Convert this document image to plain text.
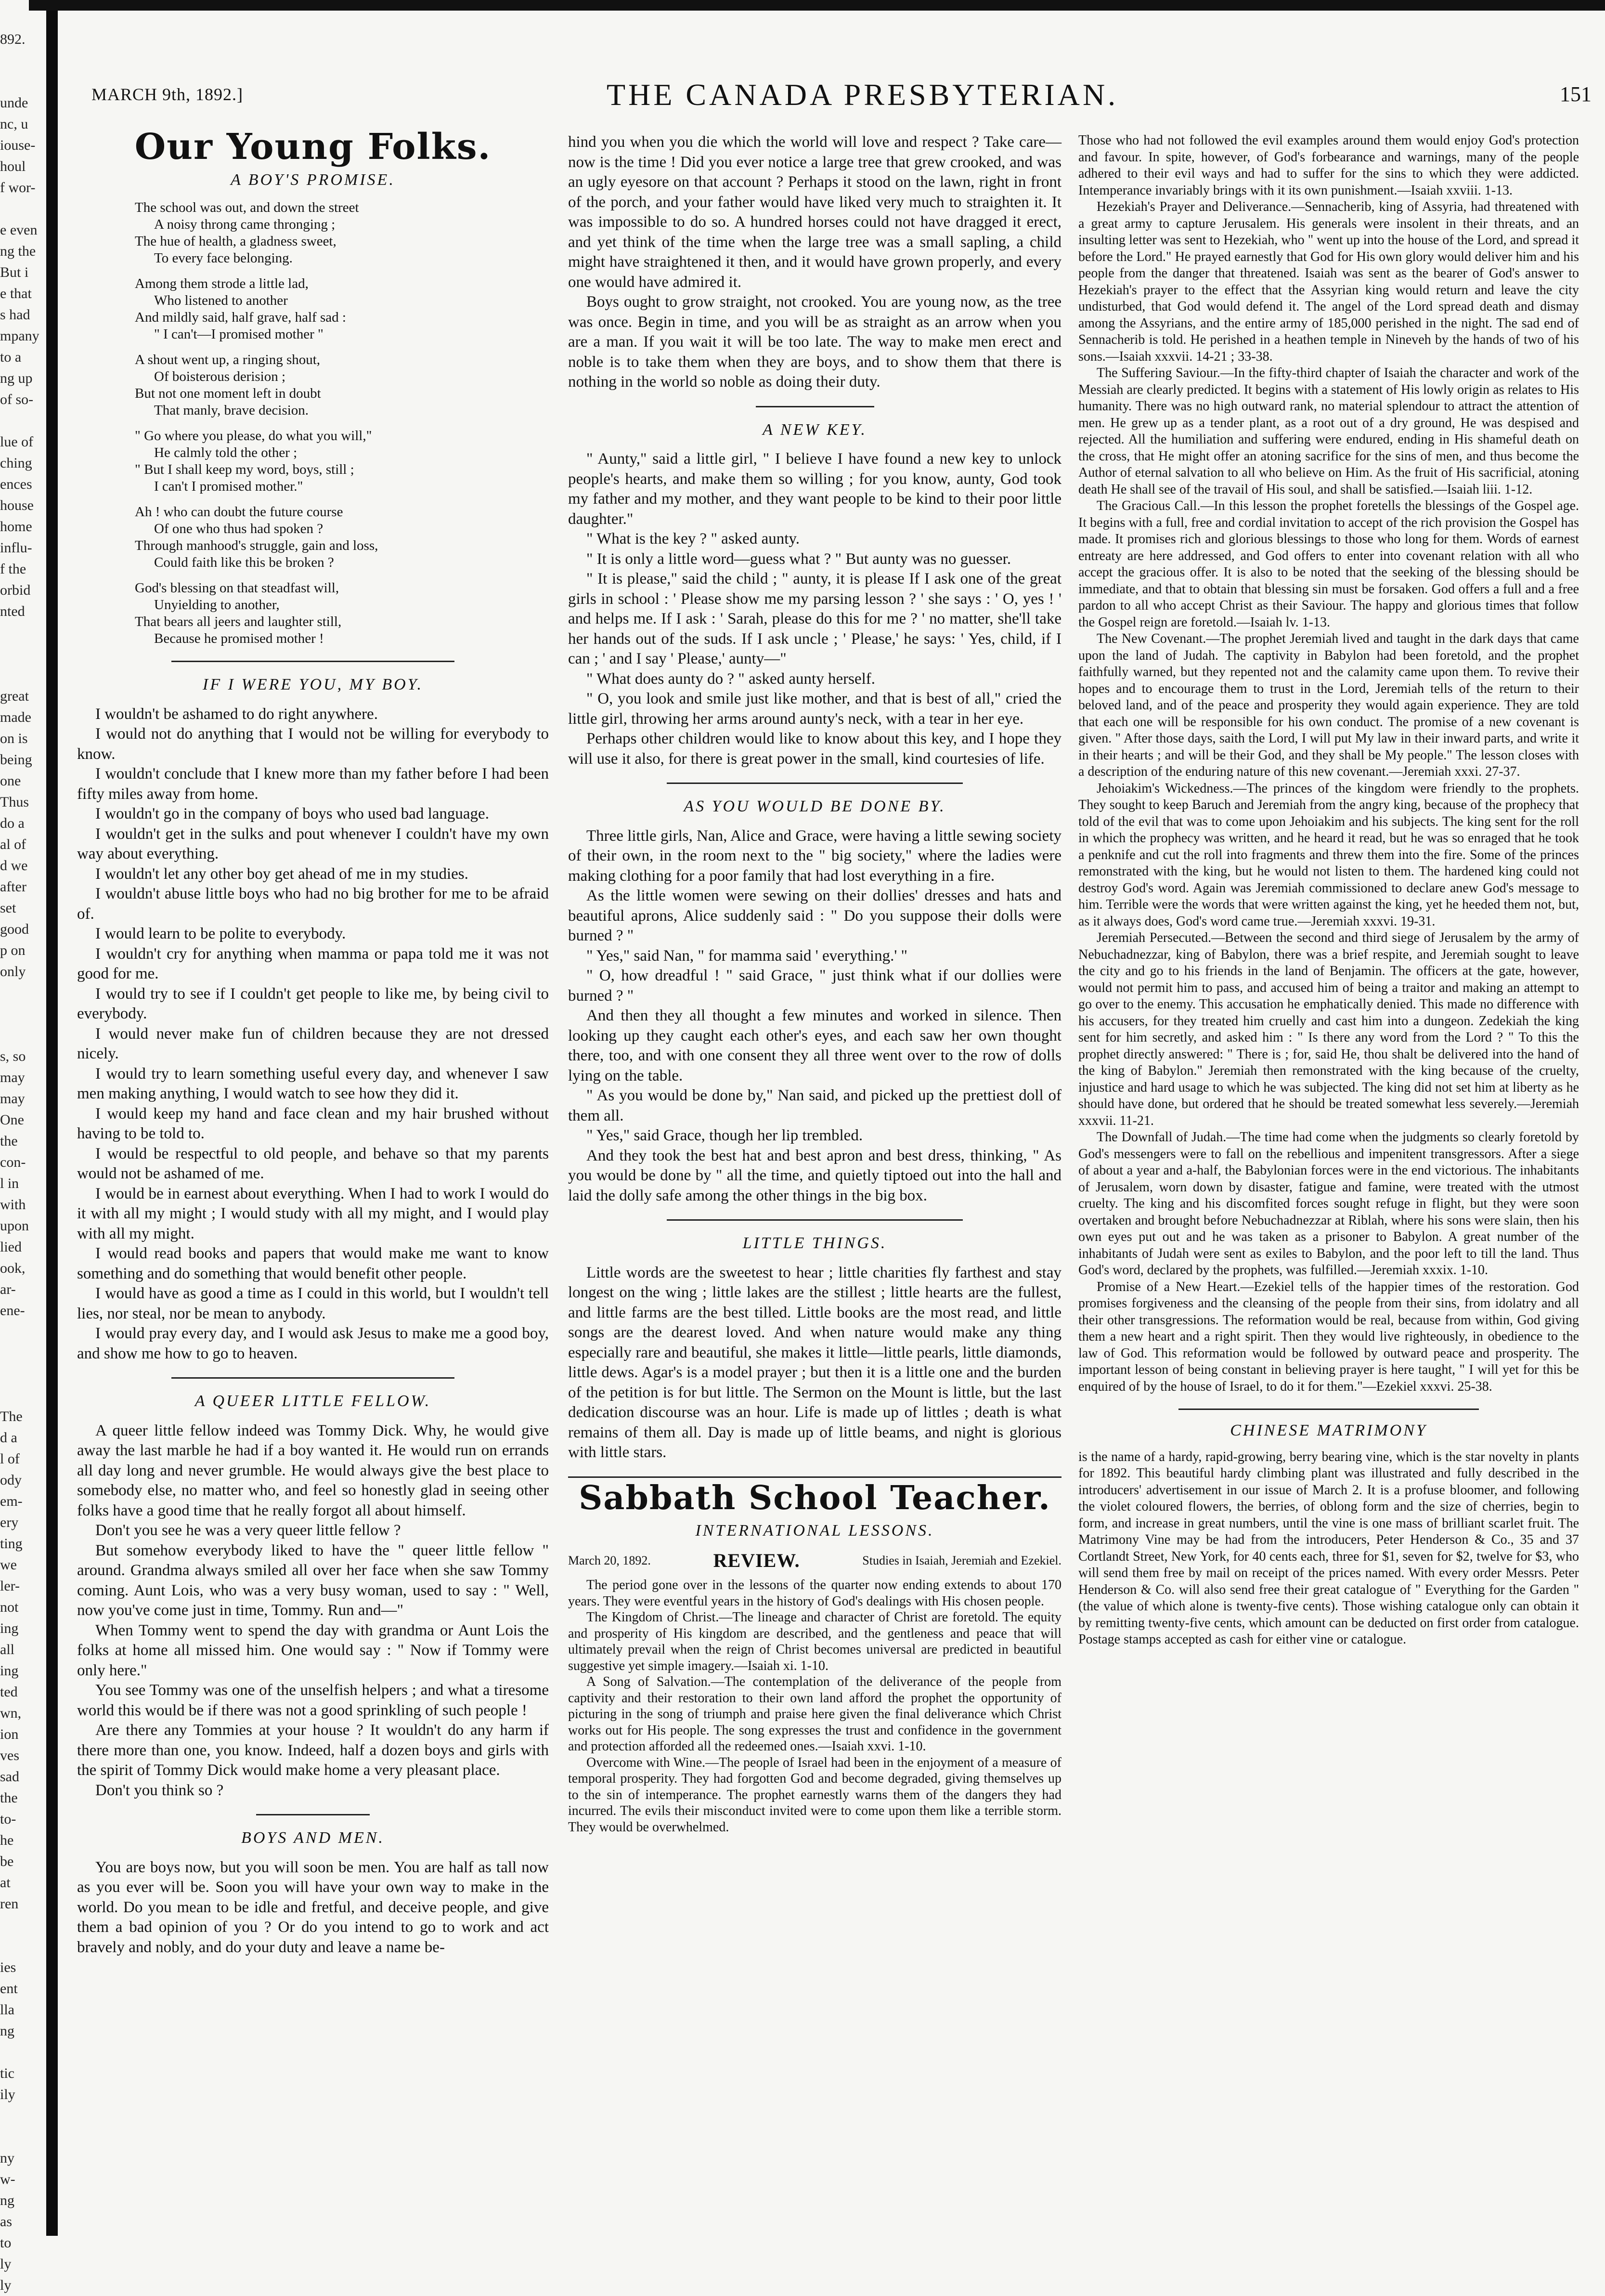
892.

unde
nc, u
iouse-
houl
f wor-

e even
ng the
But i
e that
s had
mpany
to a
ng up
of so-

lue of
ching
ences
house
home
influ-
f the
orbid
nted

great
made
on is
being
one
Thus
do a
al of
d we
after
set
good
p on
only

s, so
may
may
One
the
con-
l in
with
upon
lied
ook,
ar-
ene-

The
d a
l of
ody
em-
ery
ting
we
ler-
not
ing
all
ing
ted
wn,
ion
ves
sad
the
to-
he
be
at
ren

ies
ent
lla
ng

tic
ily

ny
w-
ng
as
to
ly
ly
MARCH 9th, 1892.]	THE CANADA PRESBYTERIAN.	151
Our Young Folks.
A BOY'S PROMISE.
The school was out, and down the street
A noisy throng came thronging ;
The hue of health, a gladness sweet,
To every face belonging.
Among them strode a little lad,
Who listened to another
And mildly said, half grave, half sad :
" I can't—I promised mother "
A shout went up, a ringing shout,
Of boisterous derision ;
But not one moment left in doubt
That manly, brave decision.
" Go where you please, do what you will,"
He calmly told the other ;
" But I shall keep my word, boys, still ;
I can't I promised mother."
Ah ! who can doubt the future course
Of one who thus had spoken ?
Through manhood's struggle, gain and loss,
Could faith like this be broken ?
God's blessing on that steadfast will,
Unyielding to another,
That bears all jeers and laughter still,
Because he promised mother !
IF I WERE YOU, MY BOY.

I wouldn't be ashamed to do right anywhere.

I would not do anything that I would not be willing for everybody to know.

I wouldn't conclude that I knew more than my father before I had been fifty miles away from home.

I wouldn't go in the company of boys who used bad language.

I wouldn't get in the sulks and pout whenever I couldn't have my own way about everything.

I wouldn't let any other boy get ahead of me in my studies.

I wouldn't abuse little boys who had no big brother for me to be afraid of.

I would learn to be polite to everybody.

I wouldn't cry for anything when mamma or papa told me it was not good for me.

I would try to see if I couldn't get people to like me, by being civil to everybody.

I would never make fun of children because they are not dressed nicely.

I would try to learn something useful every day, and whenever I saw men making anything, I would watch to see how they did it.

I would keep my hand and face clean and my hair brushed without having to be told to.

I would be respectful to old people, and behave so that my parents would not be ashamed of me.

I would be in earnest about everything. When I had to work I would do it with all my might ; I would study with all my might, and I would play with all my might.

I would read books and papers that would make me want to know something and do something that would benefit other people.

I would have as good a time as I could in this world, but I wouldn't tell lies, nor steal, nor be mean to anybody.

I would pray every day, and I would ask Jesus to make me a good boy, and show me how to go to heaven.

A QUEER LITTLE FELLOW.

A queer little fellow indeed was Tommy Dick. Why, he would give away the last marble he had if a boy wanted it. He would run on errands all day long and never grumble. He would always give the best place to somebody else, no matter who, and feel so honestly glad in seeing other folks have a good time that he really forgot all about himself.

Don't you see he was a very queer little fellow ?

But somehow everybody liked to have the " queer little fellow " around. Grandma always smiled all over her face when she saw Tommy coming. Aunt Lois, who was a very busy woman, used to say : " Well, now you've come just in time, Tommy. Run and—"

When Tommy went to spend the day with grandma or Aunt Lois the folks at home all missed him. One would say : " Now if Tommy were only here."

You see Tommy was one of the unselfish helpers ; and what a tiresome world this would be if there was not a good sprinkling of such people !

Are there any Tommies at your house ? It wouldn't do any harm if there more than one, you know. Indeed, half a dozen boys and girls with the spirit of Tommy Dick would make home a very pleasant place.

Don't you think so ?

BOYS AND MEN.

You are boys now, but you will soon be men. You are half as tall now as you ever will be. Soon you will have your own way to make in the world. Do you mean to be idle and fretful, and deceive people, and give them a bad opinion of you ? Or do you intend to go to work and act bravely and nobly, and do your duty and leave a name be-

hind you when you die which the world will love and respect ? Take care—now is the time ! Did you ever notice a large tree that grew crooked, and was an ugly eyesore on that account ? Perhaps it stood on the lawn, right in front of the porch, and your father would have liked very much to straighten it. It was impossible to do so. A hundred horses could not have dragged it erect, and yet think of the time when the large tree was a small sapling, a child might have straightened it then, and it would have grown properly, and every one would have admired it.

Boys ought to grow straight, not crooked. You are young now, as the tree was once. Begin in time, and you will be as straight as an arrow when you are a man. If you wait it will be too late. The way to make men erect and noble is to take them when they are boys, and to show them that there is nothing in the world so noble as doing their duty.

A NEW KEY.

" Aunty," said a little girl, " I believe I have found a new key to unlock people's hearts, and make them so willing ; for you know, aunty, God took my father and my mother, and they want people to be kind to their poor little daughter."

" What is the key ? " asked aunty.

" It is only a little word—guess what ? " But aunty was no guesser.

" It is please," said the child ; " aunty, it is please If I ask one of the great girls in school : ' Please show me my parsing lesson ? ' she says : ' O, yes ! ' and helps me. If I ask : ' Sarah, please do this for me ? ' no matter, she'll take her hands out of the suds. If I ask uncle ; ' Please,' he says: ' Yes, child, if I can ; ' and I say ' Please,' aunty—"

" What does aunty do ? " asked aunty herself.

" O, you look and smile just like mother, and that is best of all," cried the little girl, throwing her arms around aunty's neck, with a tear in her eye.

Perhaps other children would like to know about this key, and I hope they will use it also, for there is great power in the small, kind courtesies of life.

AS YOU WOULD BE DONE BY.

Three little girls, Nan, Alice and Grace, were having a little sewing society of their own, in the room next to the " big society," where the ladies were making clothing for a poor family that had lost everything in a fire.

As the little women were sewing on their dollies' dresses and hats and beautiful aprons, Alice suddenly said : " Do you suppose their dolls were burned ? "

" Yes," said Nan, " for mamma said ' everything.' "

" O, how dreadful ! " said Grace, " just think what if our dollies were burned ? "

And then they all thought a few minutes and worked in silence. Then looking up they caught each other's eyes, and each saw her own thought there, too, and with one consent they all three went over to the row of dolls lying on the table.

" As you would be done by," Nan said, and picked up the prettiest doll of them all.

" Yes," said Grace, though her lip trembled.

And they took the best hat and best apron and best dress, thinking, " As you would be done by " all the time, and quietly tiptoed out into the hall and laid the dolly safe among the other things in the big box.

LITTLE THINGS.

Little words are the sweetest to hear ; little charities fly farthest and stay longest on the wing ; little lakes are the stillest ; little hearts are the fullest, and little farms are the best tilled. Little books are the most read, and little songs are the dearest loved. And when nature would make any thing especially rare and beautiful, she makes it little—little pearls, little diamonds, little dews. Agar's is a model prayer ; but then it is a little one and the burden of the petition is for but little. The Sermon on the Mount is little, but the last dedication discourse was an hour. Life is made up of littles ; death is what remains of them all. Day is made up of little beams, and night is glorious with little stars.

Sabbath School Teacher.
INTERNATIONAL LESSONS.
March 20, 1892.	REVIEW.	Studies in Isaiah, Jeremiah and Ezekiel.

The period gone over in the lessons of the quarter now ending extends to about 170 years. They were eventful years in the history of God's dealings with His chosen people.

The Kingdom of Christ.—The lineage and character of Christ are foretold. The equity and prosperity of His kingdom are described, and the gentleness and peace that will ultimately prevail when the reign of Christ becomes universal are predicted in beautiful suggestive yet simple imagery.—Isaiah xi. 1-10.

A Song of Salvation.—The contemplation of the deliverance of the people from captivity and their restoration to their own land afford the prophet the opportunity of picturing in the song of triumph and praise here given the final deliverance which Christ works out for His people. The song expresses the trust and confidence in the government and protection afforded all the redeemed ones.—Isaiah xxvi. 1-10.

Overcome with Wine.—The people of Israel had been in the enjoyment of a measure of temporal prosperity. They had forgotten God and become degraded, giving themselves up to the sin of intemperance. The prophet earnestly warns them of the dangers they had incurred. The evils their misconduct invited were to come upon them like a terrible storm. They would be overwhelmed.

Those who had not followed the evil examples around them would enjoy God's protection and favour. In spite, however, of God's forbearance and warnings, many of the people adhered to their evil ways and had to suffer for the sins to which they were addicted. Intemperance invariably brings with it its own punishment.—Isaiah xxviii. 1-13.

Hezekiah's Prayer and Deliverance.—Sennacherib, king of Assyria, had threatened with a great army to capture Jerusalem. His generals were insolent in their threats, and an insulting letter was sent to Hezekiah, who " went up into the house of the Lord, and spread it before the Lord." He prayed earnestly that God for His own glory would deliver him and his people from the danger that threatened. Isaiah was sent as the bearer of God's answer to Hezekiah's prayer to the effect that the Assyrian king would return and leave the city undisturbed, that God would defend it. The angel of the Lord spread death and dismay among the Assyrians, and the entire army of 185,000 perished in the night. The sad end of Sennacherib is told. He perished in a heathen temple in Nineveh by the hands of two of his sons.—Isaiah xxxvii. 14-21 ; 33-38.

The Suffering Saviour.—In the fifty-third chapter of Isaiah the character and work of the Messiah are clearly predicted. It begins with a statement of His lowly origin as relates to His humanity. There was no high outward rank, no material splendour to attract the attention of men. He grew up as a tender plant, as a root out of a dry ground, He was despised and rejected. All the humiliation and suffering were endured, ending in His shameful death on the cross, that He might offer an atoning sacrifice for the sins of men, and thus become the Author of eternal salvation to all who believe on Him. As the fruit of His sacrificial, atoning death He shall see of the travail of His soul, and shall be satisfied.—Isaiah liii. 1-12.

The Gracious Call.—In this lesson the prophet foretells the blessings of the Gospel age. It begins with a full, free and cordial invitation to accept of the rich provision the Gospel has made. It promises rich and glorious blessings to those who long for them. Words of earnest entreaty are here addressed, and God offers to enter into covenant relation with all who accept the gracious offer. It is also to be noted that the seeking of the blessing should be immediate, and that to obtain that blessing sin must be forsaken. God offers a full and a free pardon to all who accept Christ as their Saviour. The happy and glorious times that follow the Gospel reign are foretold.—Isaiah lv. 1-13.

The New Covenant.—The prophet Jeremiah lived and taught in the dark days that came upon the land of Judah. The captivity in Babylon had been foretold, and the prophet faithfully warned, but they repented not and the calamity came upon them. To revive their hopes and to encourage them to trust in the Lord, Jeremiah tells of the return to their beloved land, and of the peace and prosperity they would again experience. They are told that each one will be responsible for his own conduct. The promise of a new covenant is given. " After those days, saith the Lord, I will put My law in their inward parts, and write it in their hearts ; and will be their God, and they shall be My people." The lesson closes with a description of the enduring nature of this new covenant.—Jeremiah xxxi. 27-37.

Jehoiakim's Wickedness.—The princes of the kingdom were friendly to the prophets. They sought to keep Baruch and Jeremiah from the angry king, because of the prophecy that told of the evil that was to come upon Jehoiakim and his subjects. The king sent for the roll in which the prophecy was written, and he heard it read, but he was so enraged that he took a penknife and cut the roll into fragments and threw them into the fire. Some of the princes remonstrated with the king, but he would not listen to them. The hardened king could not destroy God's word. Again was Jeremiah commissioned to declare anew God's message to him. Terrible were the words that were written against the king, yet he heeded them not, but, as it always does, God's word came true.—Jeremiah xxxvi. 19-31.

Jeremiah Persecuted.—Between the second and third siege of Jerusalem by the army of Nebuchadnezzar, king of Babylon, there was a brief respite, and Jeremiah sought to leave the city and go to his friends in the land of Benjamin. The officers at the gate, however, would not permit him to pass, and accused him of being a traitor and making an attempt to go over to the enemy. This accusation he emphatically denied. This made no difference with his accusers, for they treated him cruelly and cast him into a dungeon. Zedekiah the king sent for him secretly, and asked him : " Is there any word from the Lord ? " To this the prophet directly answered: " There is ; for, said He, thou shalt be delivered into the hand of the king of Babylon." Jeremiah then remonstrated with the king because of the cruelty, injustice and hard usage to which he was subjected. The king did not set him at liberty as he should have done, but ordered that he should be treated somewhat less severely.—Jeremiah xxxvii. 11-21.

The Downfall of Judah.—The time had come when the judgments so clearly foretold by God's messengers were to fall on the rebellious and impenitent transgressors. After a siege of about a year and a-half, the Babylonian forces were in the end victorious. The inhabitants of Jerusalem, worn down by disaster, fatigue and famine, were treated with the utmost cruelty. The king and his discomfited forces sought refuge in flight, but they were soon overtaken and brought before Nebuchadnezzar at Riblah, where his sons were slain, then his own eyes put out and he was taken as a prisoner to Babylon. A great number of the inhabitants of Judah were sent as exiles to Babylon, and the poor left to till the land. Thus God's word, declared by the prophets, was fulfilled.—Jeremiah xxxix. 1-10.

Promise of a New Heart.—Ezekiel tells of the happier times of the restoration. God promises forgiveness and the cleansing of the people from their sins, from idolatry and all their other transgressions. The reformation would be real, because from within, God giving them a new heart and a right spirit. Then they would live righteously, in obedience to the law of God. This reformation would be followed by outward peace and prosperity. The important lesson of being constant in believing prayer is here taught, " I will yet for this be enquired of by the house of Israel, to do it for them."—Ezekiel xxxvi. 25-38.

CHINESE MATRIMONY

is the name of a hardy, rapid-growing, berry bearing vine, which is the star novelty in plants for 1892. This beautiful hardy climbing plant was illustrated and fully described in the introducers' advertisement in our issue of March 2. It is a profuse bloomer, and following the violet coloured flowers, the berries, of oblong form and the size of cherries, begin to form, and increase in great numbers, until the vine is one mass of brilliant scarlet fruit. The Matrimony Vine may be had from the introducers, Peter Henderson & Co., 35 and 37 Cortlandt Street, New York, for 40 cents each, three for $1, seven for $2, twelve for $3, who will send them free by mail on receipt of the prices named. With every order Messrs. Peter Henderson & Co. will also send free their great catalogue of " Everything for the Garden " (the value of which alone is twenty-five cents). Those wishing catalogue only can obtain it by remitting twenty-five cents, which amount can be deducted on first order from catalogue. Postage stamps accepted as cash for either vine or catalogue.
